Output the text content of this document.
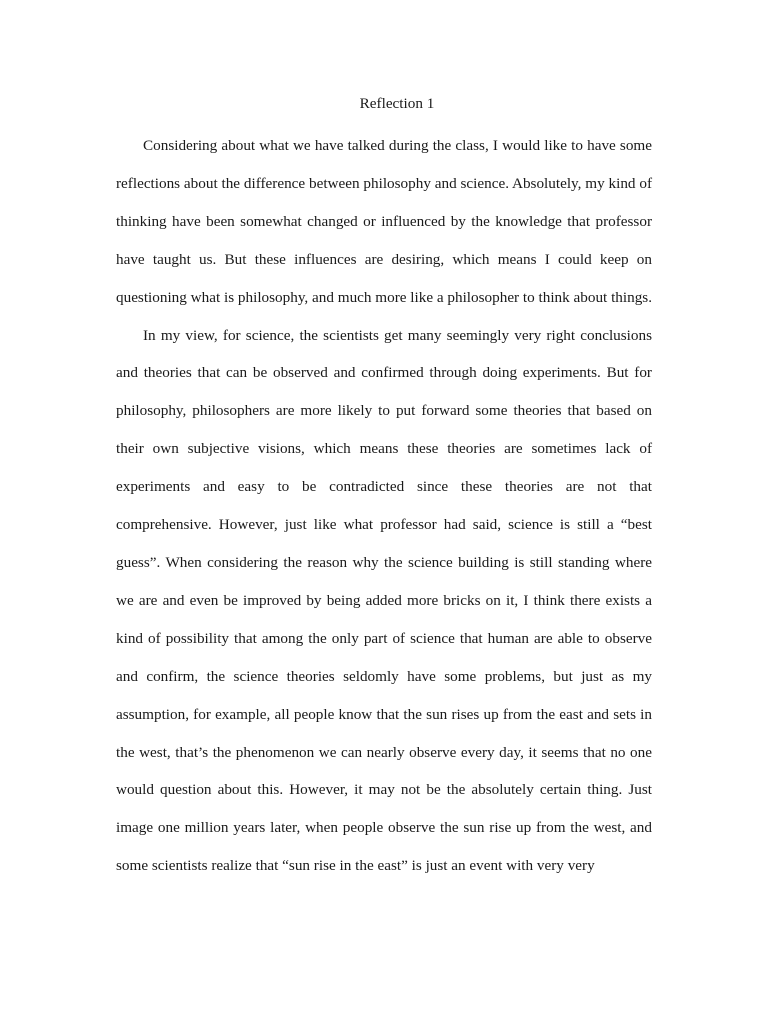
Reflection 1

Considering about what we have talked during the class, I would like to have some reflections about the difference between philosophy and science. Absolutely, my kind of thinking have been somewhat changed or influenced by the knowledge that professor have taught us. But these influences are desiring, which means I could keep on questioning what is philosophy, and much more like a philosopher to think about things.

In my view, for science, the scientists get many seemingly very right conclusions and theories that can be observed and confirmed through doing experiments. But for philosophy, philosophers are more likely to put forward some theories that based on their own subjective visions, which means these theories are sometimes lack of experiments and easy to be contradicted since these theories are not that comprehensive. However, just like what professor had said, science is still a “best guess”. When considering the reason why the science building is still standing where we are and even be improved by being added more bricks on it, I think there exists a kind of possibility that among the only part of science that human are able to observe and confirm, the science theories seldomly have some problems, but just as my assumption, for example, all people know that the sun rises up from the east and sets in the west, that’s the phenomenon we can nearly observe every day, it seems that no one would question about this. However, it may not be the absolutely certain thing. Just image one million years later, when people observe the sun rise up from the west, and some scientists realize that “sun rise in the east” is just an event with very very
